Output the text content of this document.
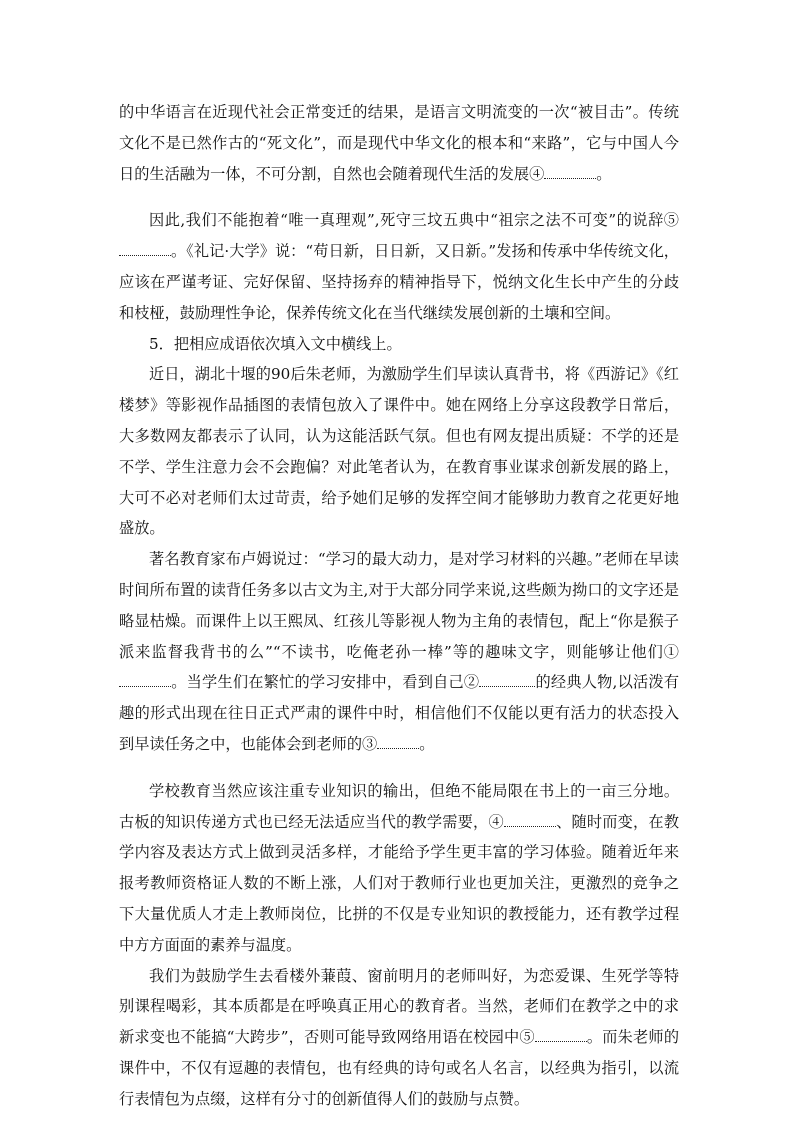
的中华语言在近现代社会正常变迁的结果，是语言文明流变的一次“被目击”。传统文化不是已然作古的“死文化”，而是现代中华文化的根本和“来路”，它与中国人今日的生活融为一体，不可分割，自然也会随着现代生活的发展④	。

因此,我们不能抱着“唯一真理观”,死守三坟五典中“祖宗之法不可变”的说辞⑤。《礼记·大学》说：“苟日新，日日新，又日新。”发扬和传承中华传统文化，应该在严谨考证、完好保留、坚持扬弃的精神指导下，悦纳文化生长中产生的分歧和枝桠，鼓励理性争论，保养传统文化在当代继续发展创新的土壤和空间。

5．把相应成语依次填入文中横线上。

近日，湖北十堰的90后朱老师，为激励学生们早读认真背书，将《西游记》《红楼梦》等影视作品插图的表情包放入了课件中。她在网络上分享这段教学日常后，大多数网友都表示了认同，认为这能活跃气氛。但也有网友提出质疑：不学的还是不学、学生注意力会不会跑偏？对此笔者认为，在教育事业谋求创新发展的路上，大可不必对老师们太过苛责，给予她们足够的发挥空间才能够助力教育之花更好地盛放。

著名教育家布卢姆说过：“学习的最大动力，是对学习材料的兴趣。”老师在早读时间所布置的读背任务多以古文为主,对于大部分同学来说,这些颇为拗口的文字还是略显枯燥。而课件上以王熙凤、红孩儿等影视人物为主角的表情包，配上“你是猴子派来监督我背书的么”“不读书，吃俺老孙一棒”等的趣味文字，则能够让他们①。当学生们在繁忙的学习安排中，看到自己②	的经典人物,以活泼有趣的形式出现在往日正式严肃的课件中时，相信他们不仅能以更有活力的状态投入到早读任务之中，也能体会到老师的③	。

学校教育当然应该注重专业知识的输出，但绝不能局限在书上的一亩三分地。古板的知识传递方式也已经无法适应当代的教学需要，④	、随时而变，在教学内容及表达方式上做到灵活多样，才能给予学生更丰富的学习体验。随着近年来报考教师资格证人数的不断上涨，人们对于教师行业也更加关注，更激烈的竞争之下大量优质人才走上教师岗位，比拼的不仅是专业知识的教授能力，还有教学过程中方方面面的素养与温度。

我们为鼓励学生去看楼外蒹葭、窗前明月的老师叫好，为恋爱课、生死学等特别课程喝彩，其本质都是在呼唤真正用心的教育者。当然，老师们在教学之中的求新求变也不能搞“大跨步”，否则可能导致网络用语在校园中⑤	。而朱老师的课件中，不仅有逗趣的表情包，也有经典的诗句或名人名言，以经典为指引，以流行表情包为点缀，这样有分寸的创新值得人们的鼓励与点赞。
